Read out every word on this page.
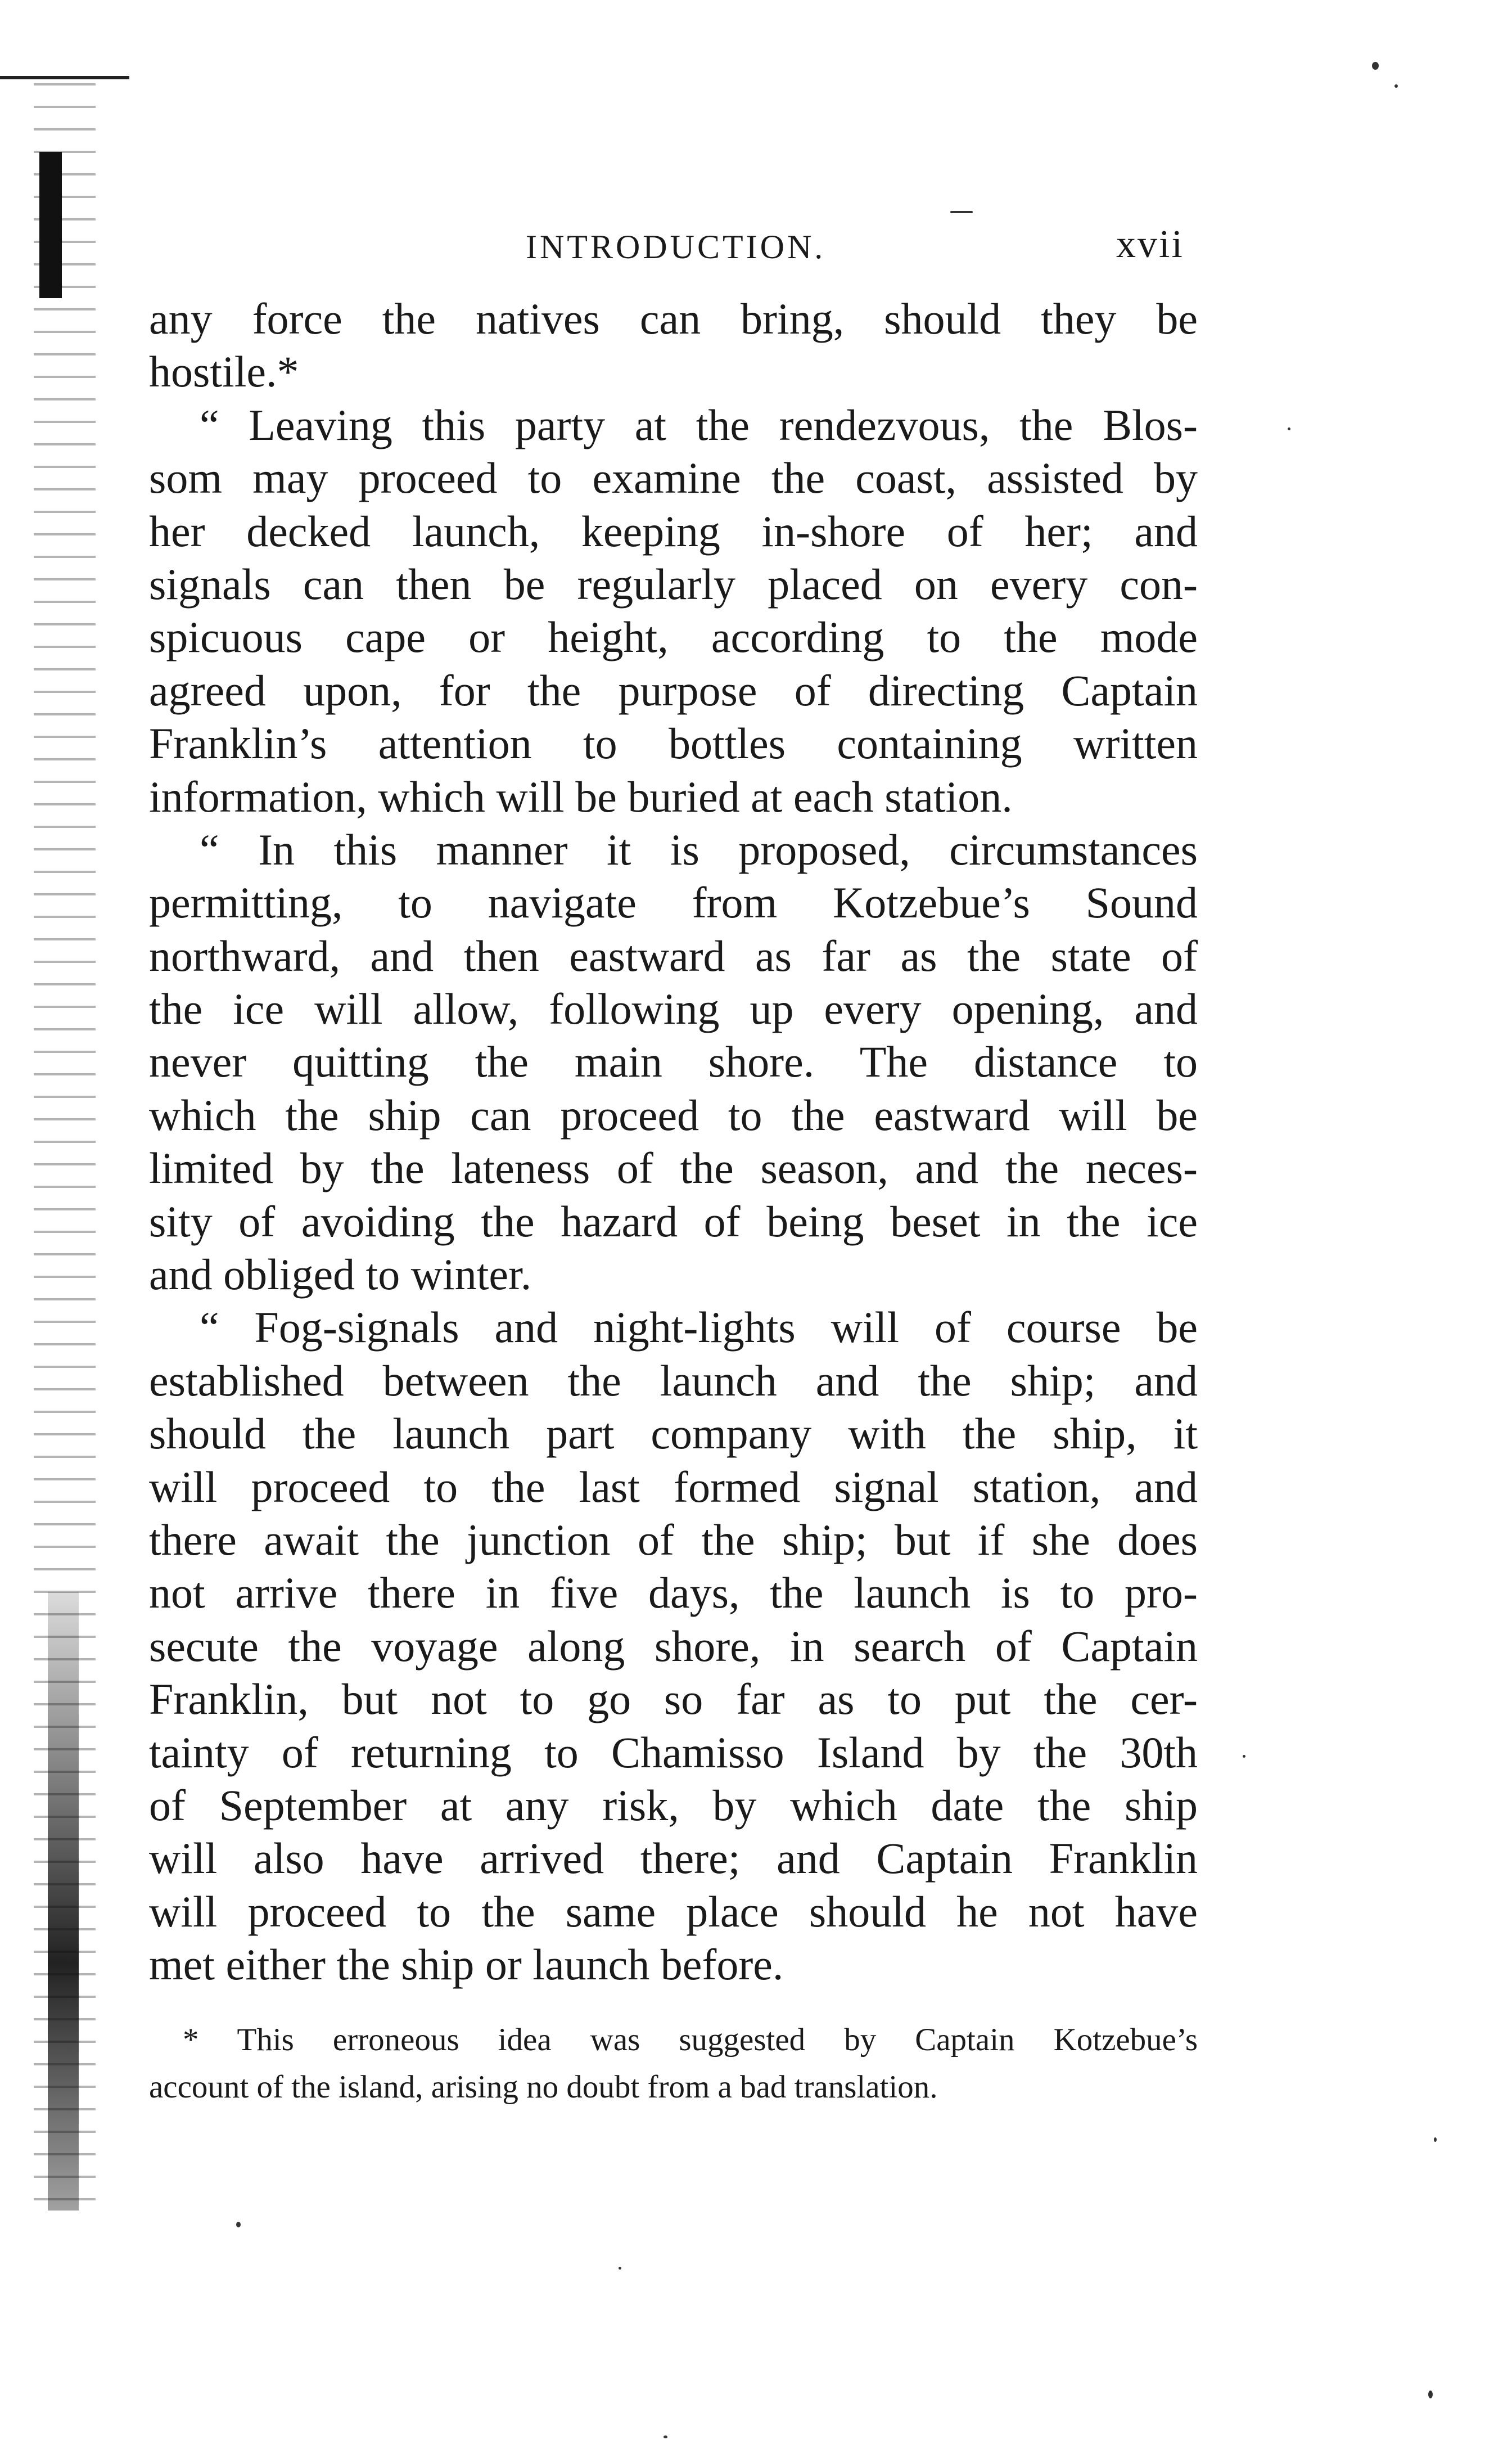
INTRODUCTION.	xvii
any force the natives can bring, should they be
hostile.*
“ Leaving this party at the rendezvous, the Blos-
som may proceed to examine the coast, assisted by
her decked launch, keeping in-shore of her; and
signals can then be regularly placed on every con-
spicuous cape or height, according to the mode
agreed upon, for the purpose of directing Captain
Franklin’s attention to bottles containing written
information, which will be buried at each station.
“ In this manner it is proposed, circumstances
permitting, to navigate from Kotzebue’s Sound
northward, and then eastward as far as the state of
the ice will allow, following up every opening, and
never quitting the main shore. The distance to
which the ship can proceed to the eastward will be
limited by the lateness of the season, and the neces-
sity of avoiding the hazard of being beset in the ice
and obliged to winter.
“ Fog-signals and night-lights will of course be
established between the launch and the ship; and
should the launch part company with the ship, it
will proceed to the last formed signal station, and
there await the junction of the ship; but if she does
not arrive there in five days, the launch is to pro-
secute the voyage along shore, in search of Captain
Franklin, but not to go so far as to put the cer-
tainty of returning to Chamisso Island by the 30th
of September at any risk, by which date the ship
will also have arrived there; and Captain Franklin
will proceed to the same place should he not have
met either the ship or launch before.
* This erroneous idea was suggested by Captain Kotzebue’s
account of the island, arising no doubt from a bad translation.
